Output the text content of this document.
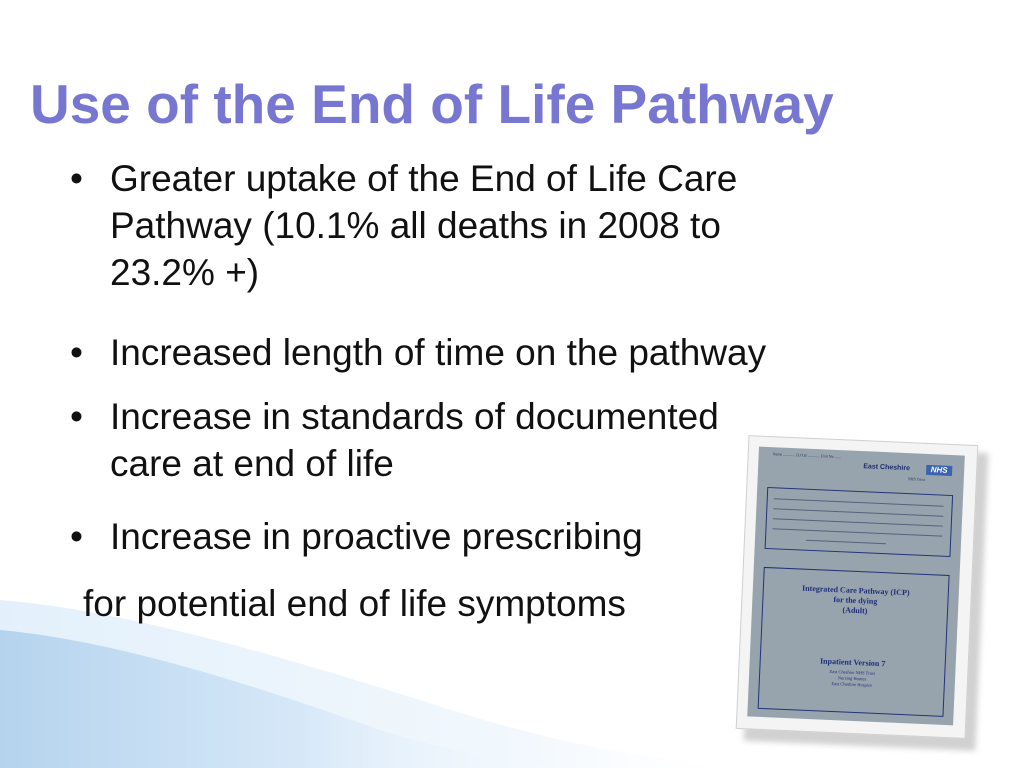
Use of the End of Life Pathway
• Greater uptake of the End of Life Care
Pathway (10.1% all deaths in 2008 to
23.2% +)
• Increased length of time on the pathway
• Increase in standards of documented
care at end of life
• Increase in proactive prescribing
for potential end of life symptoms
Name ............ D.O.B ............ Unit No ......
East Cheshire	NHS
NHS Trust
Integrated Care Pathway (ICP)
for the dying
(Adult)
Inpatient Version 7
East Cheshire NHS Trust
Nursing Homes
East Cheshire Hospice
